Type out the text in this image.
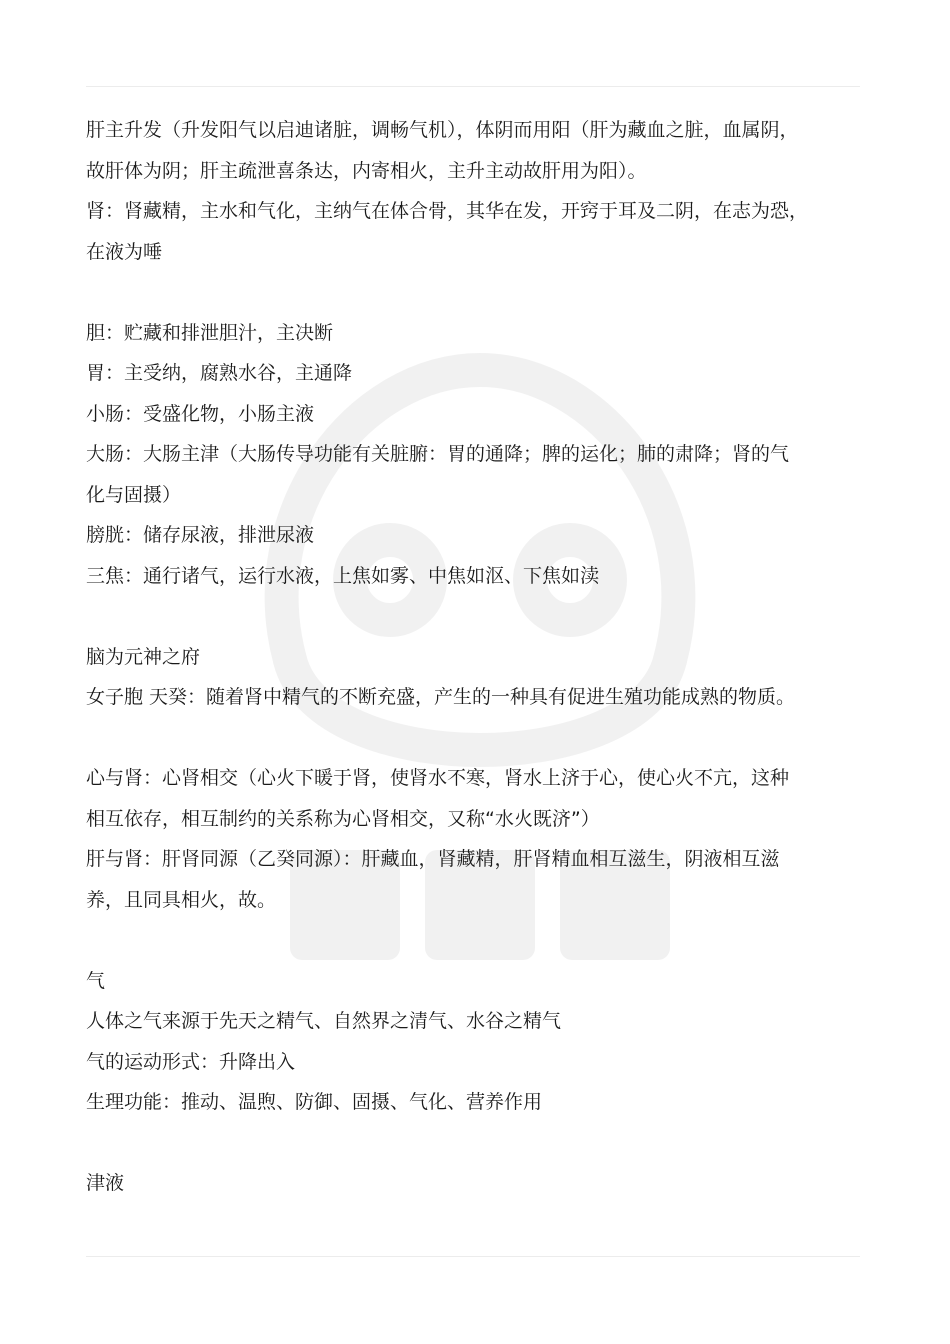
肝主升发（升发阳气以启迪诸脏，调畅气机），体阴而用阳（肝为藏血之脏，血属阴，
故肝体为阴；肝主疏泄喜条达，内寄相火，主升主动故肝用为阳）。
肾：肾藏精，主水和气化，主纳气在体合骨，其华在发，开窍于耳及二阴，在志为恐，
在液为唾
胆：贮藏和排泄胆汁，主决断
胃：主受纳，腐熟水谷，主通降
小肠：受盛化物，小肠主液
大肠：大肠主津（大肠传导功能有关脏腑：胃的通降；脾的运化；肺的肃降；肾的气
化与固摄）
膀胱：储存尿液，排泄尿液
三焦：通行诸气，运行水液，上焦如雾、中焦如沤、下焦如渎
脑为元神之府
女子胞 天癸：随着肾中精气的不断充盛，产生的一种具有促进生殖功能成熟的物质。
心与肾：心肾相交（心火下暖于肾，使肾水不寒，肾水上济于心，使心火不亢，这种
相互依存，相互制约的关系称为心肾相交，又称“水火既济”）
肝与肾：肝肾同源（乙癸同源）：肝藏血，肾藏精，肝肾精血相互滋生，阴液相互滋
养，且同具相火，故。
气
人体之气来源于先天之精气、自然界之清气、水谷之精气
气的运动形式：升降出入
生理功能：推动、温煦、防御、固摄、气化、营养作用
津液
